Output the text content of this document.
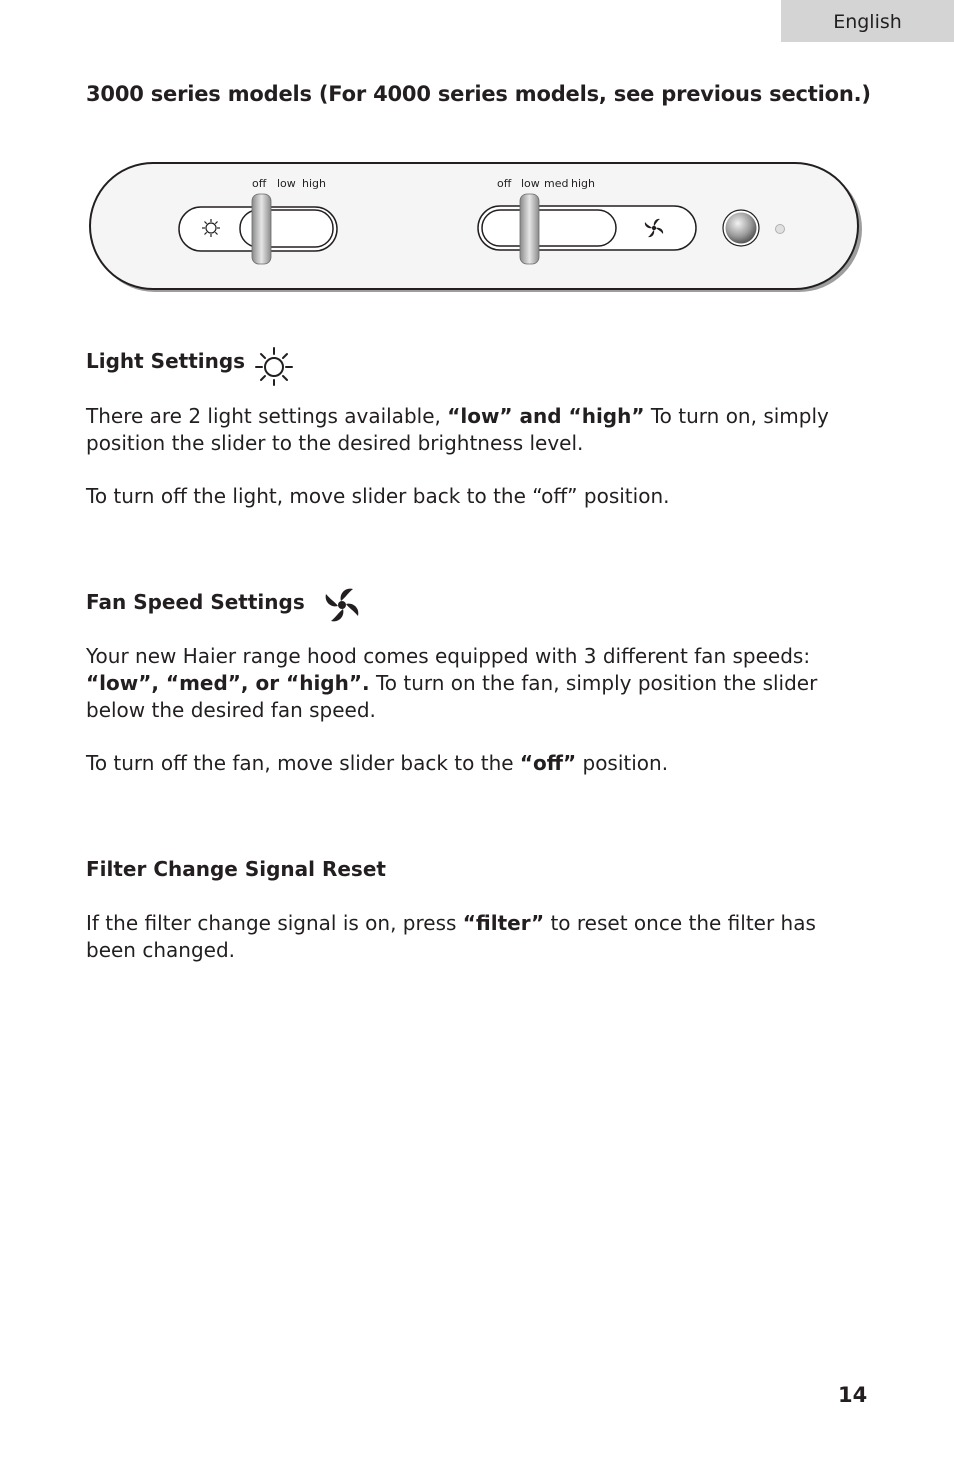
English
3000 series models (For 4000 series models, see previous section.)
off low high	off low med high
Light Settings

There are 2 light settings available, “low” and “high” To turn on, simply position the slider to the desired brightness level.

To turn off the light, move slider back to the “off” position.

Fan Speed Settings

Your new Haier range hood comes equipped with 3 different fan speeds: “low”, “med”, or “high”. To turn on the fan, simply position the slider below the desired fan speed.

To turn off the fan, move slider back to the “off” position.

Filter Change Signal Reset

If the filter change signal is on, press “filter” to reset once the filter has been changed.

14
